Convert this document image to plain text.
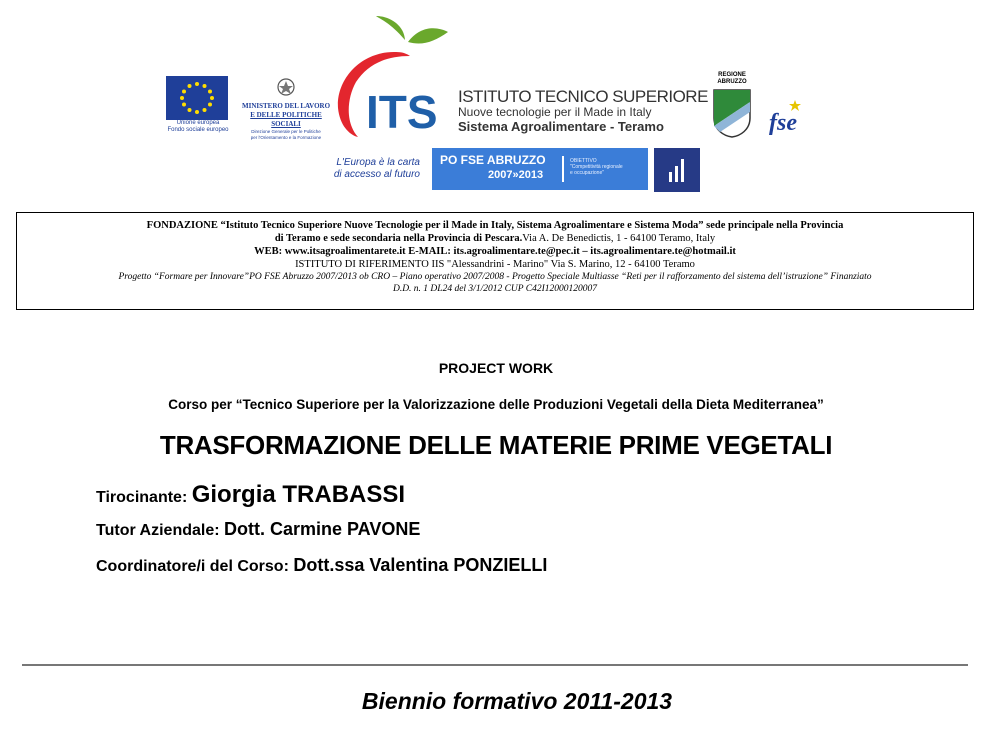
Unione europea
Fondo sociale europeo
MINISTERO DEL LAVORO
E DELLE POLITICHE SOCIALI
Direzione Generale per le Politiche
per l'Orientamento e la Formazione ITS ISTITUTO TECNICO SUPERIORE
Nuove tecnologie per il Made in Italy
Sistema Agroalimentare - Teramo
REGIONE
ABRUZZO
fse
L'Europa è la carta
di accesso al futuro
PO FSE ABRUZZO
2007»2013
OBIETTIVO
"Competitività regionale
e occupazione"
FONDAZIONE “Istituto Tecnico Superiore Nuove Tecnologie per il Made in Italy, Sistema Agroalimentare e Sistema Moda” sede principale nella Provincia
di Teramo e sede secondaria nella Provincia di Pescara.Via A. De Benedictis, 1 - 64100 Teramo, Italy
WEB: www.itsagroalimentarete.it E-MAIL: its.agroalimentare.te@pec.it – its.agroalimentare.te@hotmail.it
ISTITUTO DI RIFERIMENTO IIS "Alessandrini - Marino" Via S. Marino, 12 - 64100 Teramo
Progetto “Formare per Innovare”PO FSE Abruzzo 2007/2013 ob CRO – Piano operativo 2007/2008 - Progetto Speciale Multiasse “Reti per il rafforzamento del sistema dell’istruzione” Finanziato
D.D. n. 1 DL24 del 3/1/2012 CUP C42I12000120007
PROJECT WORK
Corso per “Tecnico Superiore per la Valorizzazione delle Produzioni Vegetali della Dieta Mediterranea”
TRASFORMAZIONE DELLE MATERIE PRIME VEGETALI
Tirocinante: Giorgia TRABASSI
Tutor Aziendale: Dott. Carmine PAVONE
Coordinatore/i del Corso: Dott.ssa Valentina PONZIELLI
Biennio formativo 2011-2013
